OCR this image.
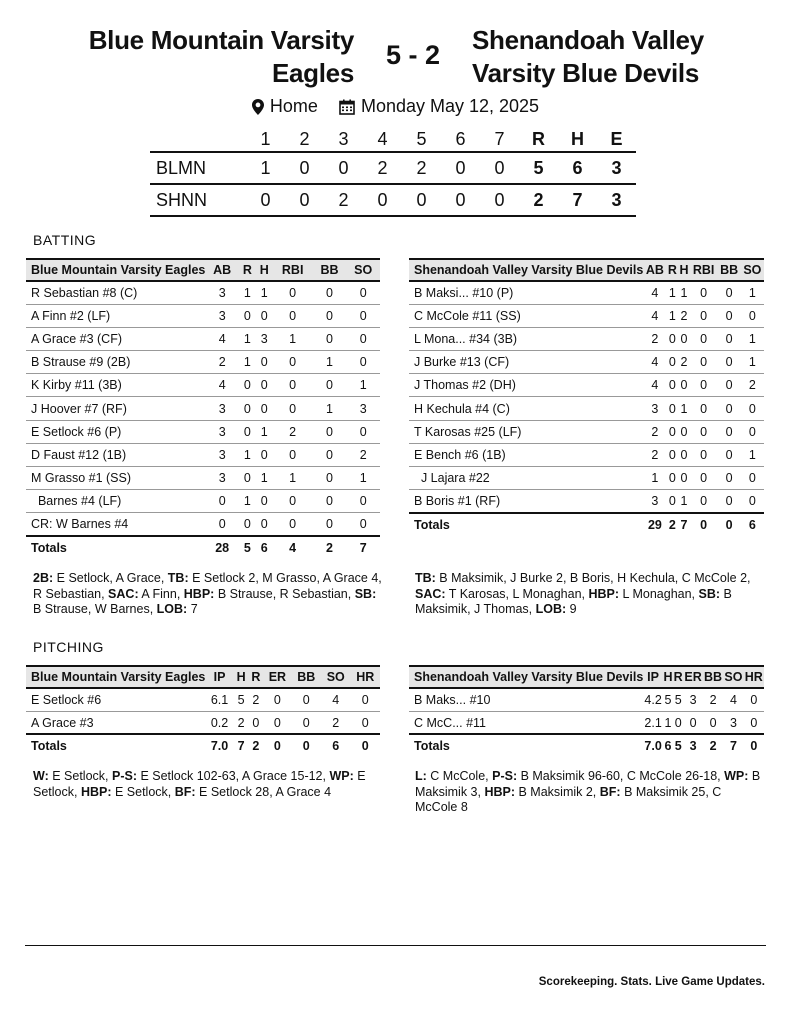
Blue Mountain Varsity
Eagles
5 - 2	Shenandoah Valley
Varsity Blue Devils
Home
Monday May 12, 2025
	1	2	3	4	5	6	7	R	H	E
BLMN	1	0	0	2	2	0	0	5	6	3
SHNN	0	0	2	0	0	0	0	2	7	3
BATTING
Blue Mountain Varsity Eagles	AB	R	H	RBI	BB	SO
R Sebastian #8 (C)	3	1	1	0	0	0
A Finn #2 (LF)	3	0	0	0	0	0
A Grace #3 (CF)	4	1	3	1	0	0
B Strause #9 (2B)	2	1	0	0	1	0
K Kirby #11 (3B)	4	0	0	0	0	1
J Hoover #7 (RF)	3	0	0	0	1	3
E Setlock #6 (P)	3	0	1	2	0	0
D Faust #12 (1B)	3	1	0	0	0	2
M Grasso #1 (SS)	3	0	1	1	0	1
Barnes #4 (LF)	0	1	0	0	0	0
CR: W Barnes #4	0	0	0	0	0	0
Totals	28	5	6	4	2	7
Shenandoah Valley Varsity Blue Devils	AB	R	H	RBI	BB	SO
B Maksi... #10 (P)	4	1	1	0	0	1
C McCole #11 (SS)	4	1	2	0	0	0
L Mona... #34 (3B)	2	0	0	0	0	1
J Burke #13 (CF)	4	0	2	0	0	1
J Thomas #2 (DH)	4	0	0	0	0	2
H Kechula #4 (C)	3	0	1	0	0	0
T Karosas #25 (LF)	2	0	0	0	0	0
E Bench #6 (1B)	2	0	0	0	0	1
J Lajara #22	1	0	0	0	0	0
B Boris #1 (RF)	3	0	1	0	0	0
Totals	29	2	7	0	0	6
2B: E Setlock, A Grace, TB: E Setlock 2, M Grasso, A Grace 4, R Sebastian, SAC: A Finn, HBP: B Strause, R Sebastian, SB: B Strause, W Barnes, LOB: 7
TB: B Maksimik, J Burke 2, B Boris, H Kechula, C McCole 2, SAC: T Karosas, L Monaghan, HBP: L Monaghan, SB: B Maksimik, J Thomas, LOB: 9
PITCHING
Blue Mountain Varsity Eagles	IP	H	R	ER	BB	SO	HR
E Setlock #6	6.1	5	2	0	0	4	0
A Grace #3	0.2	2	0	0	0	2	0
Totals	7.0	7	2	0	0	6	0
Shenandoah Valley Varsity Blue Devils	IP	H	R	ER	BB	SO	HR
B Maks... #10	4.2	5	5	3	2	4	0
C McC... #11	2.1	1	0	0	0	3	0
Totals	7.0	6	5	3	2	7	0
W: E Setlock, P-S: E Setlock 102-63, A Grace 15-12, WP: E Setlock, HBP: E Setlock, BF: E Setlock 28, A Grace 4
L: C McCole, P-S: B Maksimik 96-60, C McCole 26-18, WP: B Maksimik 3, HBP: B Maksimik 2, BF: B Maksimik 25, C McCole 8
Scorekeeping. Stats. Live Game Updates.
